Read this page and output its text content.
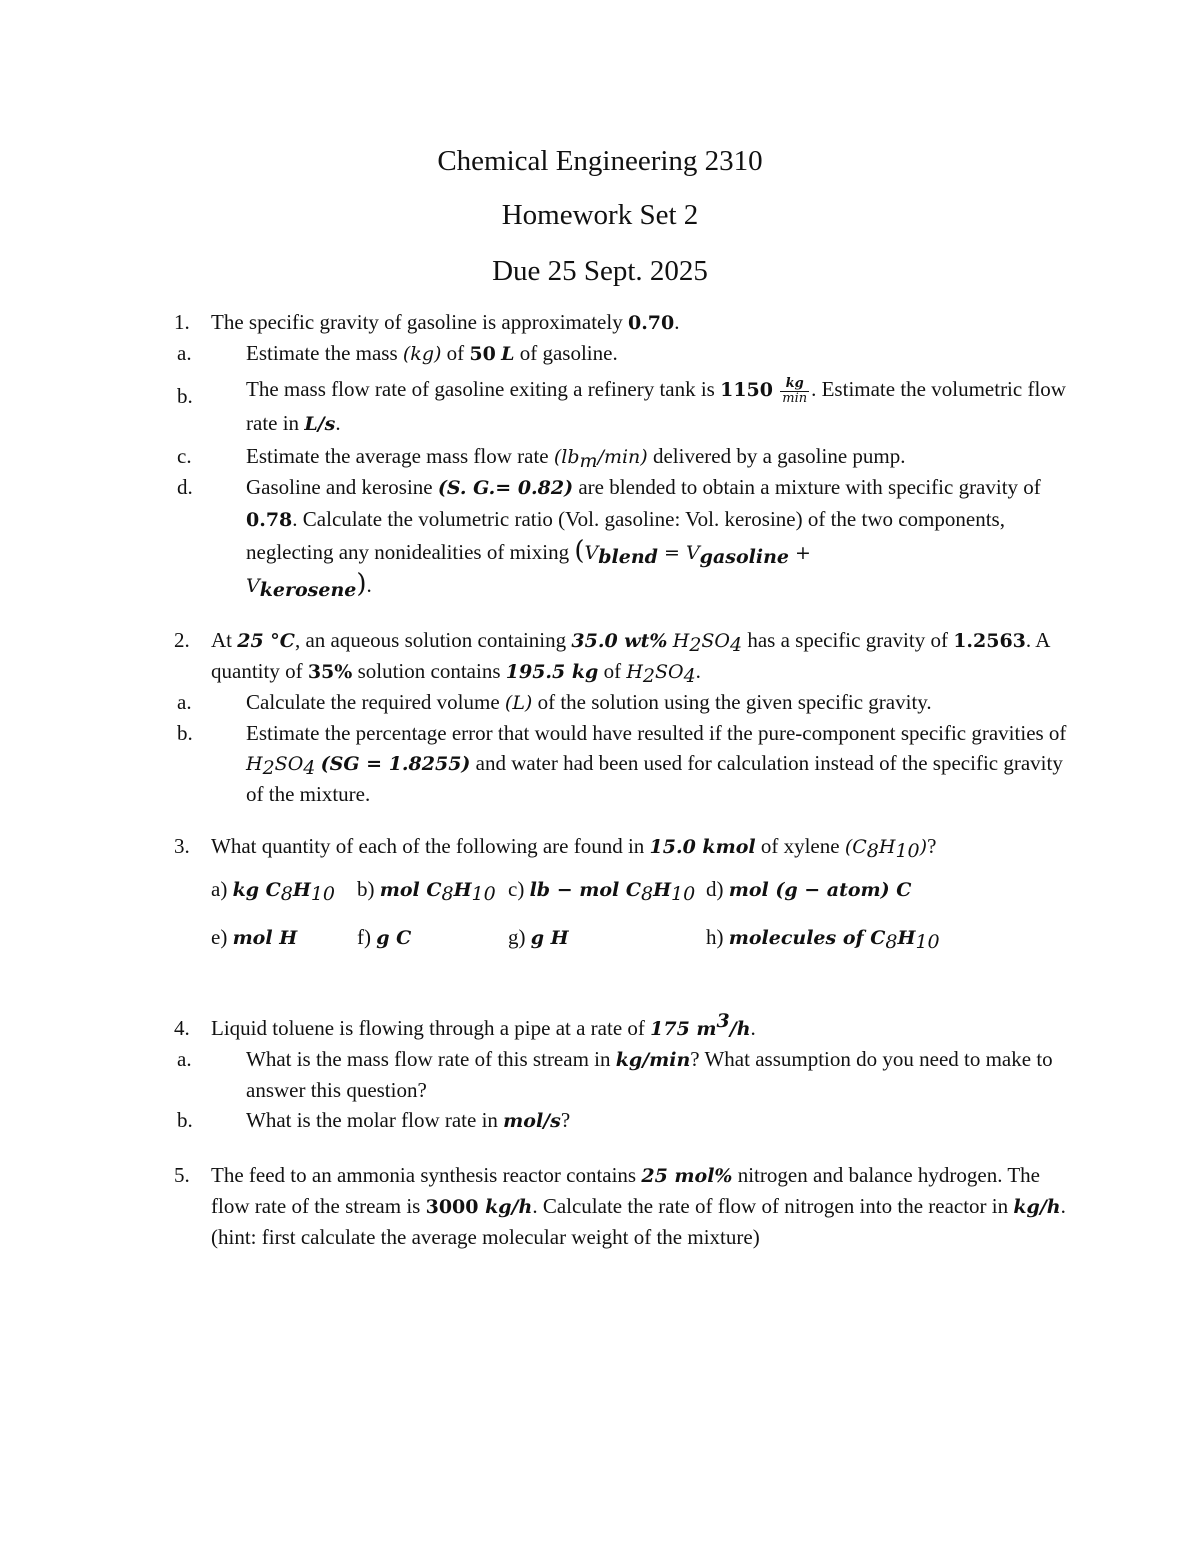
Chemical Engineering 2310
Homework Set 2
Due 25 Sept. 2025
1. The specific gravity of gasoline is approximately 0.70.
a.	Estimate the mass (kg) of 50 L of gasoline.
b.	The mass flow rate of gasoline exiting a refinery tank is $1150 \frac{kg}{\min}$ . Estimate the volumetric flow rate in L/s.
c.	Estimate the average mass flow rate $(lb_m/\min)$ delivered by a gasoline pump.
d.	Gasoline and kerosine (S. G.= 0.82) are blended to obtain a mixture with specific gravity of 0.78. Calculate the volumetric ratio (Vol. gasoline: Vol. kerosine) of the two components, neglecting any nonidealities of mixing ($V_{blend} = V_{gasoline}$ +
$V_{kerosene}$).
2. At 25 °C, an aqueous solution containing 35.0 wt% $H_2SO_4$ has a specific gravity of 1.2563. A quantity of 35% solution contains 195.5 kg of $H_2SO_4$.
a.	Calculate the required volume (L) of the solution using the given specific gravity.
b.	Estimate the percentage error that would have resulted if the pure-component specific gravities of $H_2SO_4$ (SG = 1.8255) and water had been used for calculation instead of the specific gravity of the mixture.
3. What quantity of each of the following are found in 15.0 kmol of xylene $(C_8H_{10})$?
a) kg $C_8H_{10}$ b) mol $C_8H_{10}$ c) lb − mol $C_8H_{10}$ d) mol (g − atom) C
e) mol H	f) g C	g) g H	h) molecules of $C_8H_{10}$
4. Liquid toluene is flowing through a pipe at a rate of 175 $m^3/h$.
a.	What is the mass flow rate of this stream in kg/min? What assumption do you need to make to answer this question?
b.	What is the molar flow rate in mol/s?
5. The feed to an ammonia synthesis reactor contains 25 mol% nitrogen and balance hydrogen. The flow rate of the stream is 3000 kg/h. Calculate the rate of flow of nitrogen into the reactor in kg/h.
(hint: first calculate the average molecular weight of the mixture)
